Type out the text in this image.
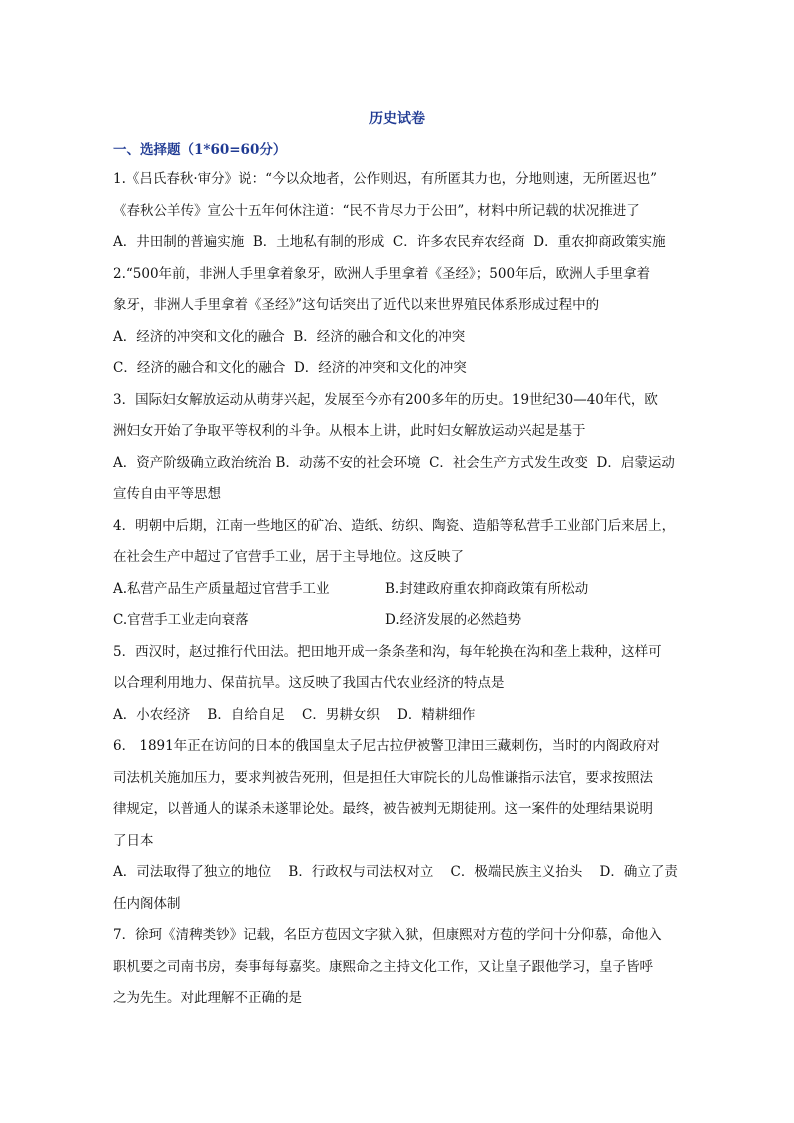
历史试卷
一、选择题（1*60=60分）

1.《吕氏春秋·审分》说：“今以众地者，公作则迟，有所匿其力也，分地则速，无所匿迟也”

《春秋公羊传》宣公十五年何休注道：“民不肯尽力于公田”，材料中所记载的状况推进了

A．井田制的普遍实施 B．土地私有制的形成 C．许多农民弃农经商 D．重农抑商政策实施

2.“500年前，非洲人手里拿着象牙，欧洲人手里拿着《圣经》；500年后，欧洲人手里拿着

象牙，非洲人手里拿着《圣经》”这句话突出了近代以来世界殖民体系形成过程中的

A．经济的冲突和文化的融合 B．经济的融合和文化的冲突
C．经济的融合和文化的融合 D．经济的冲突和文化的冲突

3．国际妇女解放运动从萌芽兴起，发展至今亦有200多年的历史。19世纪30—40年代，欧

洲妇女开始了争取平等权利的斗争。从根本上讲，此时妇女解放运动兴起是基于

A．资产阶级确立政治统治 B．动荡不安的社会环境 C．社会生产方式发生改变 D．启蒙运动宣传自由平等思想

4．明朝中后期，江南一些地区的矿冶、造纸、纺织、陶瓷、造船等私营手工业部门后来居上，

在社会生产中超过了官营手工业，居于主导地位。这反映了

A.私营产品生产质量超过官营手工业	B.封建政府重农抑商政策有所松动
C.官营手工业走向衰落	D.经济发展的必然趋势

5．西汉时，赵过推行代田法。把田地开成一条条垄和沟，每年轮换在沟和垄上栽种，这样可

以合理利用地力、保苗抗旱。这反映了我国古代农业经济的特点是

A．小农经济 B．自给自足 C．男耕女织 D．精耕细作

6． 1891年正在访问的日本的俄国皇太子尼古拉伊被警卫津田三藏刺伤，当时的内阁政府对

司法机关施加压力，要求判被告死刑，但是担任大审院长的儿岛惟谦指示法官，要求按照法

律规定，以普通人的谋杀未遂罪论处。最终，被告被判无期徒刑。这一案件的处理结果说明

了日本

A．司法取得了独立的地位 B．行政权与司法权对立 C．极端民族主义抬头 D．确立了责任内阁体制

7．徐珂《清稗类钞》记载，名臣方苞因文字狱入狱，但康熙对方苞的学问十分仰慕，命他入

职机要之司南书房，奏事每每嘉奖。康熙命之主持文化工作，又让皇子跟他学习，皇子皆呼

之为先生。对此理解不正确的是
